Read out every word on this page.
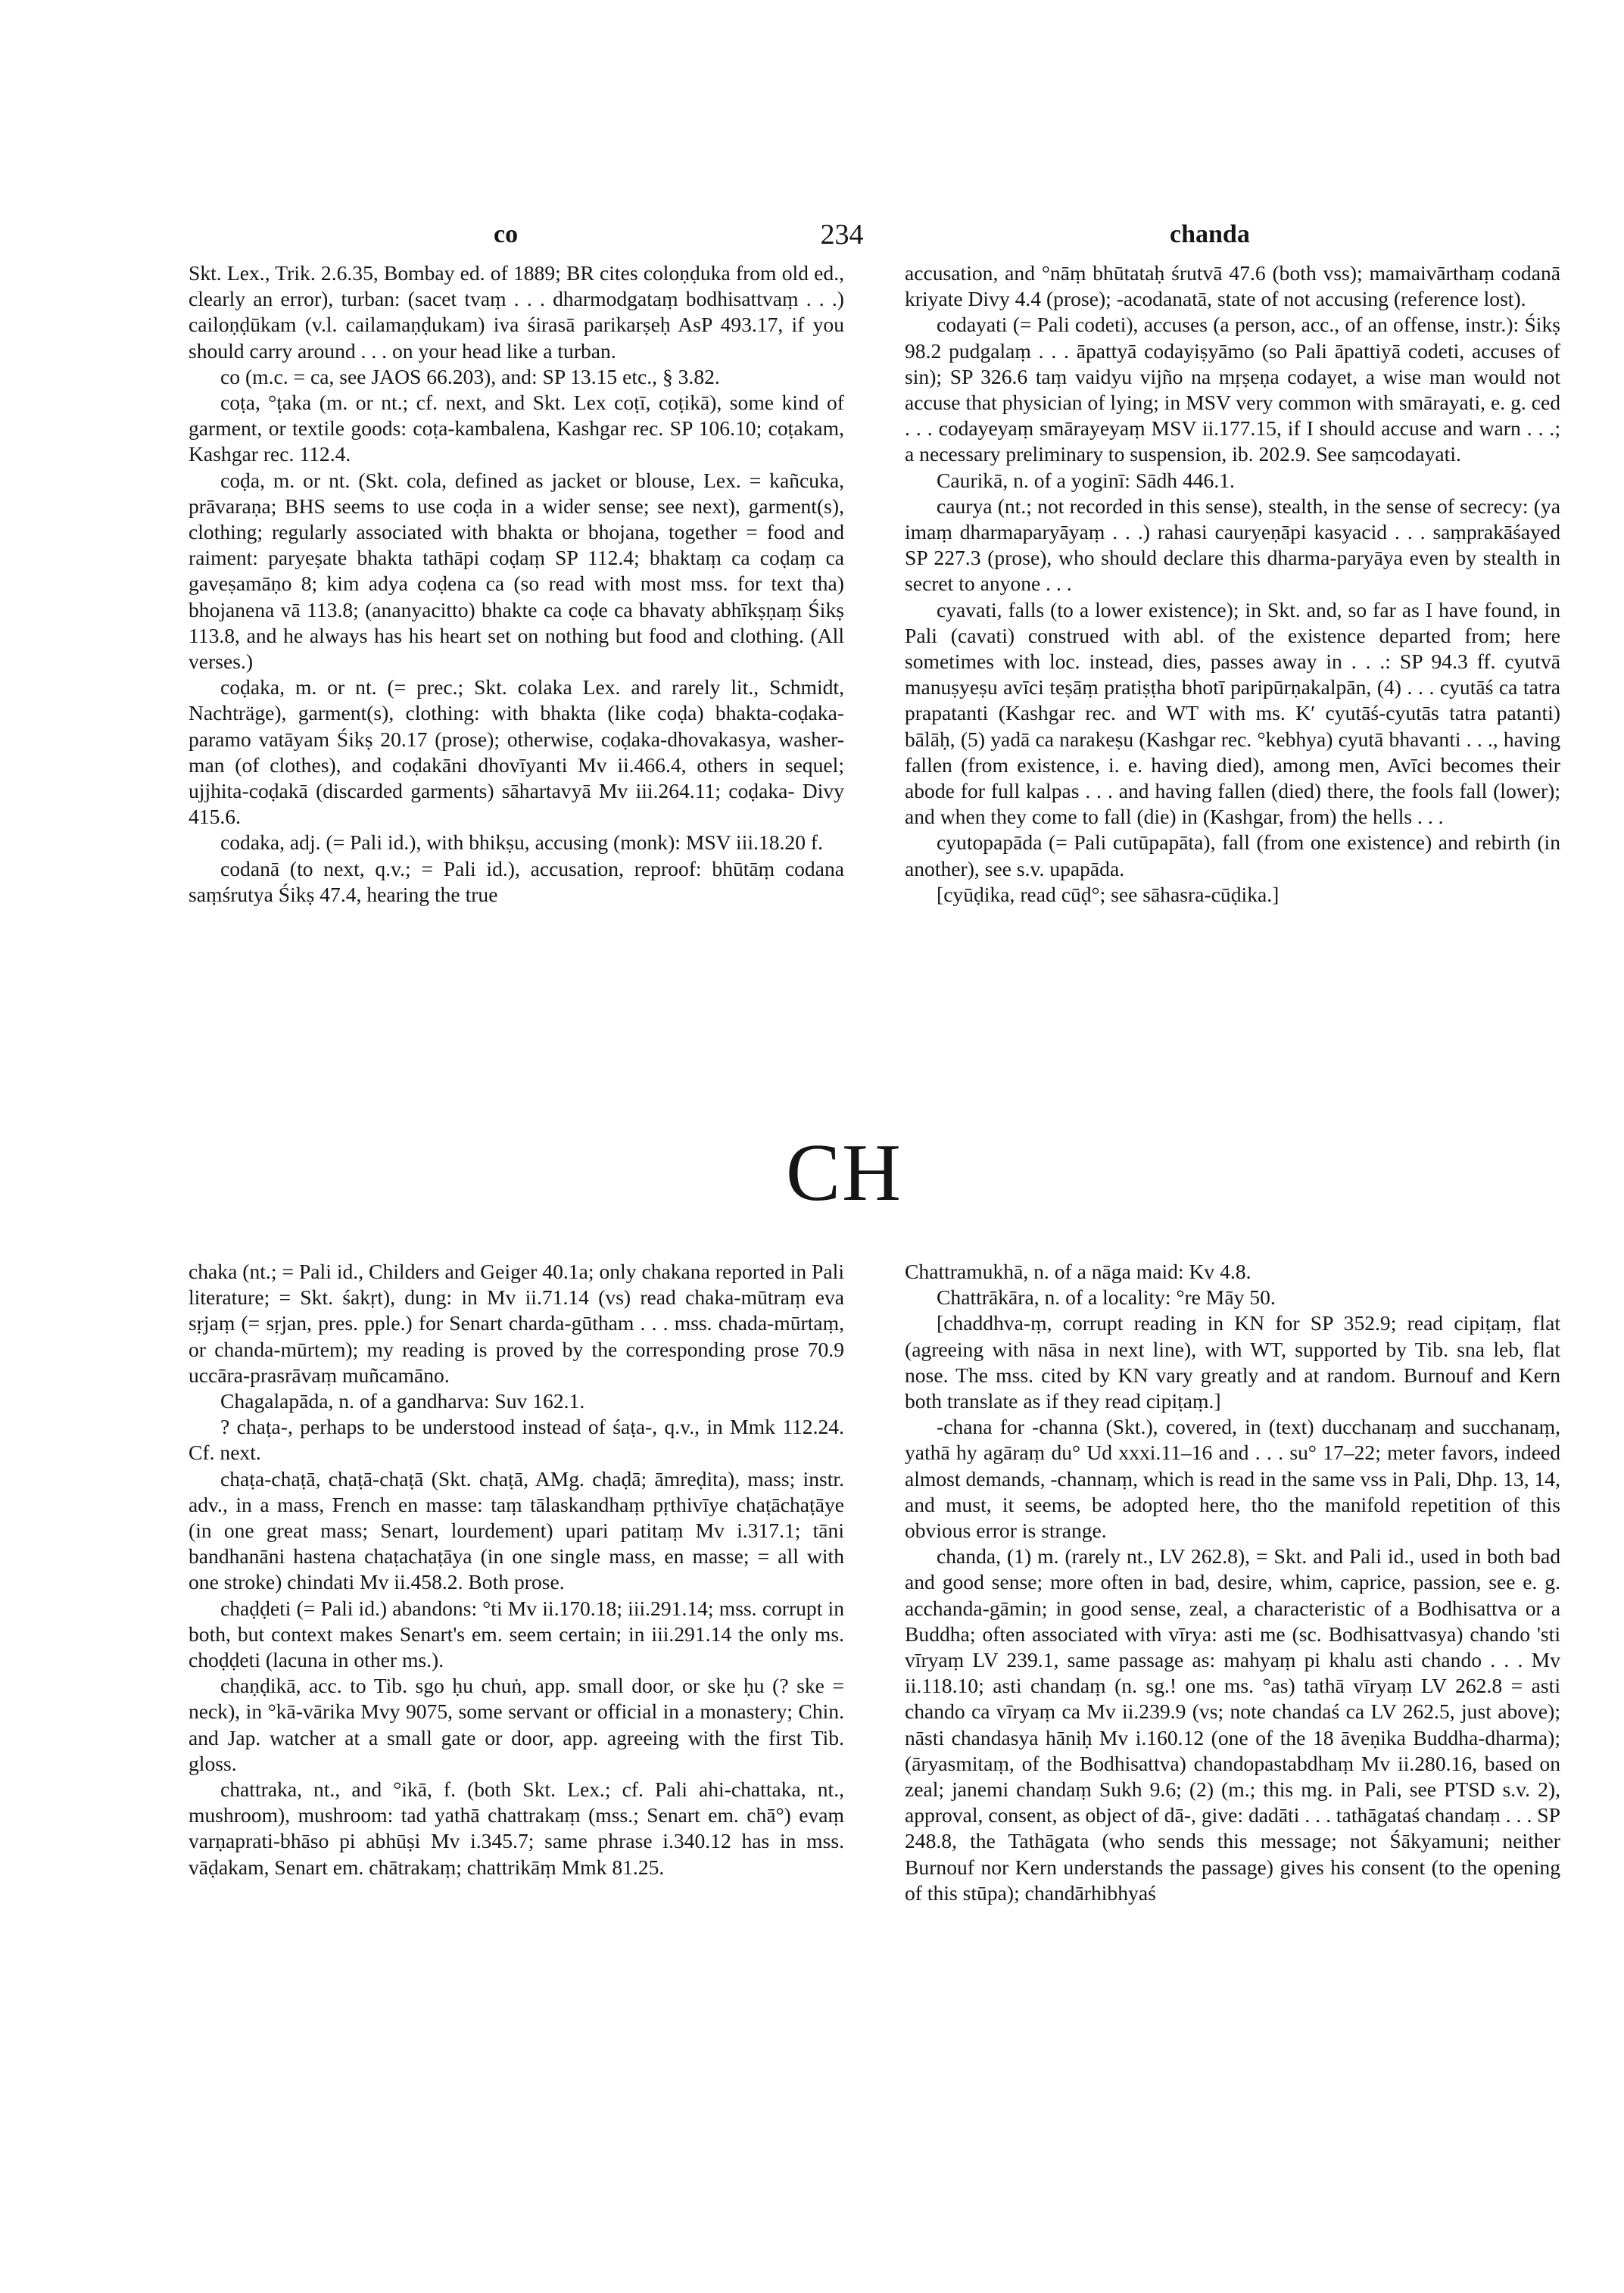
co	234	chanda

Skt. Lex., Trik. 2.6.35, Bombay ed. of 1889; BR cites coloṇḍuka from old ed., clearly an error), turban: (sacet tvaṃ . . . dharmodgataṃ bodhisattvaṃ . . .) cailoṇḍūkam (v.l. cailamaṇḍukam) iva śirasā parikarṣeḥ AsP 493.17, if you should carry around . . . on your head like a turban.

co (m.c. = ca, see JAOS 66.203), and: SP 13.15 etc., § 3.82.

coṭa, °ṭaka (m. or nt.; cf. next, and Skt. Lex coṭī, coṭikā), some kind of garment, or textile goods: coṭa-kambalena, Kashgar rec. SP 106.10; coṭakam, Kashgar rec. 112.4.

coḍa, m. or nt. (Skt. cola, defined as jacket or blouse, Lex. = kañcuka, prāvaraṇa; BHS seems to use coḍa in a wider sense; see next), garment(s), clothing; regularly associated with bhakta or bhojana, together = food and raiment: paryeṣate bhakta tathāpi coḍaṃ SP 112.4; bhaktaṃ ca coḍaṃ ca gaveṣamāṇo 8; kim adya coḍena ca (so read with most mss. for text tha) bhojanena vā 113.8; (ananyacitto) bhakte ca coḍe ca bhavaty abhīkṣṇaṃ Śikṣ 113.8, and he always has his heart set on nothing but food and clothing. (All verses.)

coḍaka, m. or nt. (= prec.; Skt. colaka Lex. and rarely lit., Schmidt, Nachträge), garment(s), clothing: with bhakta (like coḍa) bhakta-coḍaka-paramo vatāyam Śikṣ 20.17 (prose); otherwise, coḍaka-dhovakasya, washer-man (of clothes), and coḍakāni dhovīyanti Mv ii.466.4, others in sequel; ujjhita-coḍakā (discarded garments) sāhartavyā Mv iii.264.11; coḍaka- Divy 415.6.

codaka, adj. (= Pali id.), with bhikṣu, accusing (monk): MSV iii.18.20 f.

codanā (to next, q.v.; = Pali id.), accusation, reproof: bhūtāṃ codana saṃśrutya Śikṣ 47.4, hearing the true

accusation, and °nāṃ bhūtataḥ śrutvā 47.6 (both vss); mamaivārthaṃ codanā kriyate Divy 4.4 (prose); -acodanatā, state of not accusing (reference lost).

codayati (= Pali codeti), accuses (a person, acc., of an offense, instr.): Śikṣ 98.2 pudgalaṃ . . . āpattyā codayiṣyāmo (so Pali āpattiyā codeti, accuses of sin); SP 326.6 taṃ vaidyu vijño na mṛṣeṇa codayet, a wise man would not accuse that physician of lying; in MSV very common with smārayati, e. g. ced . . . codayeyaṃ smārayeyaṃ MSV ii.177.15, if I should accuse and warn . . .; a necessary preliminary to suspension, ib. 202.9. See saṃcodayati.

Caurikā, n. of a yoginī: Sādh 446.1.

caurya (nt.; not recorded in this sense), stealth, in the sense of secrecy: (ya imaṃ dharmaparyāyaṃ . . .) rahasi cauryeṇāpi kasyacid . . . saṃprakāśayed SP 227.3 (prose), who should declare this dharma-paryāya even by stealth in secret to anyone . . .

cyavati, falls (to a lower existence); in Skt. and, so far as I have found, in Pali (cavati) construed with abl. of the existence departed from; here sometimes with loc. instead, dies, passes away in . . .: SP 94.3 ff. cyutvā manuṣyeṣu avīci teṣāṃ pratiṣṭha bhotī paripūrṇakalpān, (4) . . . cyutāś ca tatra prapatanti (Kashgar rec. and WT with ms. K′ cyutāś-cyutās tatra patanti) bālāḥ, (5) yadā ca narakeṣu (Kashgar rec. °kebhya) cyutā bhavanti . . ., having fallen (from existence, i. e. having died), among men, Avīci becomes their abode for full kalpas . . . and having fallen (died) there, the fools fall (lower); and when they come to fall (die) in (Kashgar, from) the hells . . .

cyutopapāda (= Pali cutūpapāta), fall (from one existence) and rebirth (in another), see s.v. upapāda.

[cyūḍika, read cūḍ°; see sāhasra-cūḍika.]

CH

chaka (nt.; = Pali id., Childers and Geiger 40.1a; only chakana reported in Pali literature; = Skt. śakṛt), dung: in Mv ii.71.14 (vs) read chaka-mūtraṃ eva sṛjaṃ (= sṛjan, pres. pple.) for Senart charda-gūtham . . . mss. chada-mūrtaṃ, or chanda-mūrtem); my reading is proved by the corresponding prose 70.9 uccāra-prasrāvaṃ muñcamāno.

Chagalapāda, n. of a gandharva: Suv 162.1.

? chaṭa-, perhaps to be understood instead of śaṭa-, q.v., in Mmk 112.24. Cf. next.

chaṭa-chaṭā, chaṭā-chaṭā (Skt. chaṭā, AMg. chaḍā; āmreḍita), mass; instr. adv., in a mass, French en masse: taṃ tālaskandhaṃ pṛthivīye chaṭāchaṭāye (in one great mass; Senart, lourdement) upari patitaṃ Mv i.317.1; tāni bandhanāni hastena chaṭachaṭāya (in one single mass, en masse; = all with one stroke) chindati Mv ii.458.2. Both prose.

chaḍḍeti (= Pali id.) abandons: °ti Mv ii.170.18; iii.291.14; mss. corrupt in both, but context makes Senart's em. seem certain; in iii.291.14 the only ms. choḍḍeti (lacuna in other ms.).

chaṇḍikā, acc. to Tib. sgo ḥu chuṅ, app. small door, or ske ḥu (? ske = neck), in °kā-vārika Mvy 9075, some servant or official in a monastery; Chin. and Jap. watcher at a small gate or door, app. agreeing with the first Tib. gloss.

chattraka, nt., and °ikā, f. (both Skt. Lex.; cf. Pali ahi-chattaka, nt., mushroom), mushroom: tad yathā chattrakaṃ (mss.; Senart em. chā°) evaṃ varṇaprati-bhāso pi abhūṣi Mv i.345.7; same phrase i.340.12 has in mss. vāḍakam, Senart em. chātrakaṃ; chattrikāṃ Mmk 81.25.

Chattramukhā, n. of a nāga maid: Kv 4.8.

Chattrākāra, n. of a locality: °re Māy 50.

[chaddhva-ṃ, corrupt reading in KN for SP 352.9; read cipiṭaṃ, flat (agreeing with nāsa in next line), with WT, supported by Tib. sna leb, flat nose. The mss. cited by KN vary greatly and at random. Burnouf and Kern both translate as if they read cipiṭaṃ.]

-chana for -channa (Skt.), covered, in (text) ducchanaṃ and succhanaṃ, yathā hy agāraṃ du° Ud xxxi.11–16 and . . . su° 17–22; meter favors, indeed almost demands, -channaṃ, which is read in the same vss in Pali, Dhp. 13, 14, and must, it seems, be adopted here, tho the manifold repetition of this obvious error is strange.

chanda, (1) m. (rarely nt., LV 262.8), = Skt. and Pali id., used in both bad and good sense; more often in bad, desire, whim, caprice, passion, see e. g. acchanda-gāmin; in good sense, zeal, a characteristic of a Bodhisattva or a Buddha; often associated with vīrya: asti me (sc. Bodhisattvasya) chando 'sti vīryaṃ LV 239.1, same passage as: mahyaṃ pi khalu asti chando . . . Mv ii.118.10; asti chandaṃ (n. sg.! one ms. °as) tathā vīryaṃ LV 262.8 = asti chando ca vīryaṃ ca Mv ii.239.9 (vs; note chandaś ca LV 262.5, just above); nāsti chandasya hāniḥ Mv i.160.12 (one of the 18 āveṇika Buddha-dharma); (āryasmitaṃ, of the Bodhisattva) chandopastabdhaṃ Mv ii.280.16, based on zeal; janemi chandaṃ Sukh 9.6; (2) (m.; this mg. in Pali, see PTSD s.v. 2), approval, consent, as object of dā-, give: dadāti . . . tathāgataś chandaṃ . . . SP 248.8, the Tathāgata (who sends this message; not Śākyamuni; neither Burnouf nor Kern understands the passage) gives his consent (to the opening of this stūpa); chandārhibhyaś
